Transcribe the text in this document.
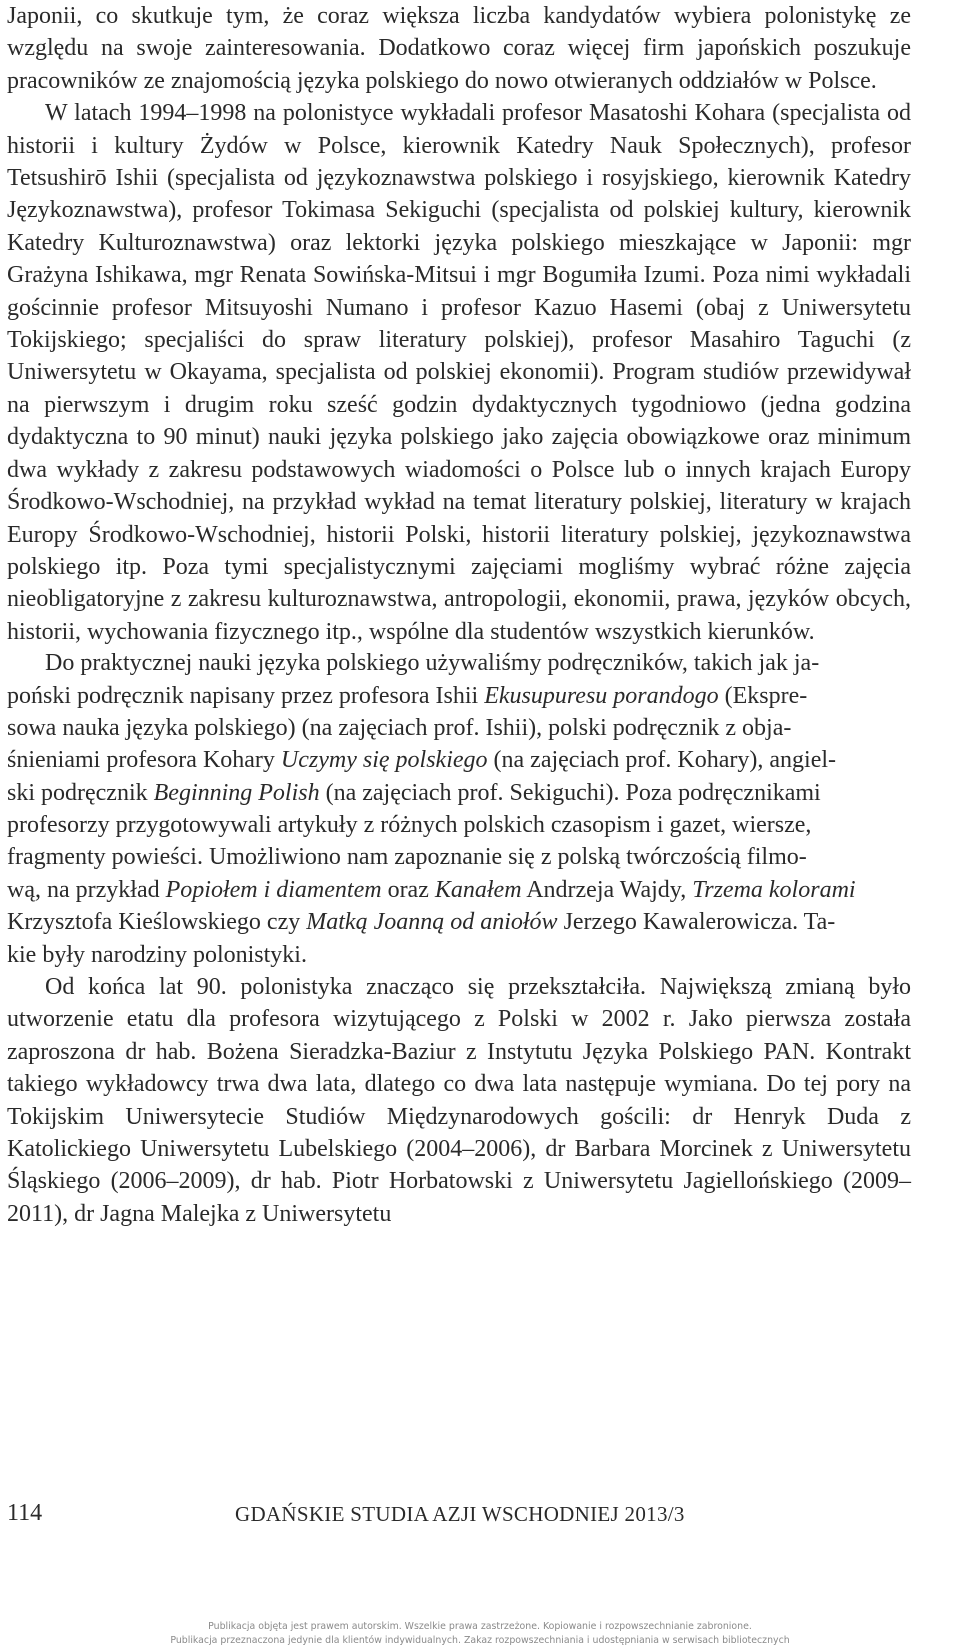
Japonii, co skutkuje tym, że coraz większa liczba kandydatów wybiera polonistykę ze względu na swoje zainteresowania. Dodatkowo coraz więcej firm japońskich poszukuje pracowników ze znajomością języka polskiego do nowo otwieranych oddziałów w Polsce.

W latach 1994–1998 na polonistyce wykładali profesor Masatoshi Kohara (specjalista od historii i kultury Żydów w Polsce, kierownik Katedry Nauk Społecznych), profesor Tetsushirō Ishii (specjalista od językoznawstwa polskiego i rosyjskiego, kierownik Katedry Językoznawstwa), profesor Tokimasa Sekiguchi (specjalista od polskiej kultury, kierownik Katedry Kulturoznawstwa) oraz lektorki języka polskiego mieszkające w Japonii: mgr Grażyna Ishikawa, mgr Renata Sowińska-Mitsui i mgr Bogumiła Izumi. Poza nimi wykładali gościnnie profesor Mitsuyoshi Numano i profesor Kazuo Hasemi (obaj z Uniwersytetu Tokijskiego; specjaliści do spraw literatury polskiej), profesor Masahiro Taguchi (z Uniwersytetu w Okayama, specjalista od polskiej ekonomii). Program studiów przewidywał na pierwszym i drugim roku sześć godzin dydaktycznych tygodniowo (jedna godzina dydaktyczna to 90 minut) nauki języka polskiego jako zajęcia obowiązkowe oraz minimum dwa wykłady z zakresu podstawowych wiadomości o Polsce lub o innych krajach Europy Środkowo-Wschodniej, na przykład wykład na temat literatury polskiej, literatury w krajach Europy Środkowo-Wschodniej, historii Polski, historii literatury polskiej, językoznawstwa polskiego itp. Poza tymi specjalistycznymi zajęciami mogliśmy wybrać różne zajęcia nieobligatoryjne z zakresu kulturoznawstwa, antropologii, ekonomii, prawa, języków obcych, historii, wychowania fizycznego itp., wspólne dla studentów wszystkich kierunków.

Do praktycznej nauki języka polskiego używaliśmy podręczników, takich jak ja-
poński podręcznik napisany przez profesora Ishii Ekusupuresu porandogo (Ekspre-
sowa nauka języka polskiego) (na zajęciach prof. Ishii), polski podręcznik z obja-
śnieniami profesora Kohary Uczymy się polskiego (na zajęciach prof. Kohary), angiel-
ski podręcznik Beginning Polish (na zajęciach prof. Sekiguchi). Poza podręcznikami
profesorzy przygotowywali artykuły z różnych polskich czasopism i gazet, wiersze,
fragmenty powieści. Umożliwiono nam zapoznanie się z polską twórczością filmo-
wą, na przykład Popiołem i diamentem oraz Kanałem Andrzeja Wajdy, Trzema kolorami
Krzysztofa Kieślowskiego czy Matką Joanną od aniołów Jerzego Kawalerowicza. Ta-
kie były narodziny polonistyki.

Od końca lat 90. polonistyka znacząco się przekształciła. Największą zmianą było utworzenie etatu dla profesora wizytującego z Polski w 2002 r. Jako pierwsza została zaproszona dr hab. Bożena Sieradzka-Baziur z Instytutu Języka Polskiego PAN. Kontrakt takiego wykładowcy trwa dwa lata, dlatego co dwa lata następuje wymiana. Do tej pory na Tokijskim Uniwersytecie Studiów Międzynarodowych gościli: dr Henryk Duda z Katolickiego Uniwersytetu Lubelskiego (2004–2006), dr Barbara Morcinek z Uniwersytetu Śląskiego (2006–2009), dr hab. Piotr Horbatowski z Uniwersytetu Jagiellońskiego (2009–2011), dr Jagna Malejka z Uniwersytetu

114	GDAŃSKIE STUDIA AZJI WSCHODNIEJ 2013/3
Publikacja objęta jest prawem autorskim. Wszelkie prawa zastrzeżone. Kopiowanie i rozpowszechnianie zabronione.
Publikacja przeznaczona jedynie dla klientów indywidualnych. Zakaz rozpowszechniania i udostępniania w serwisach bibliotecznych
